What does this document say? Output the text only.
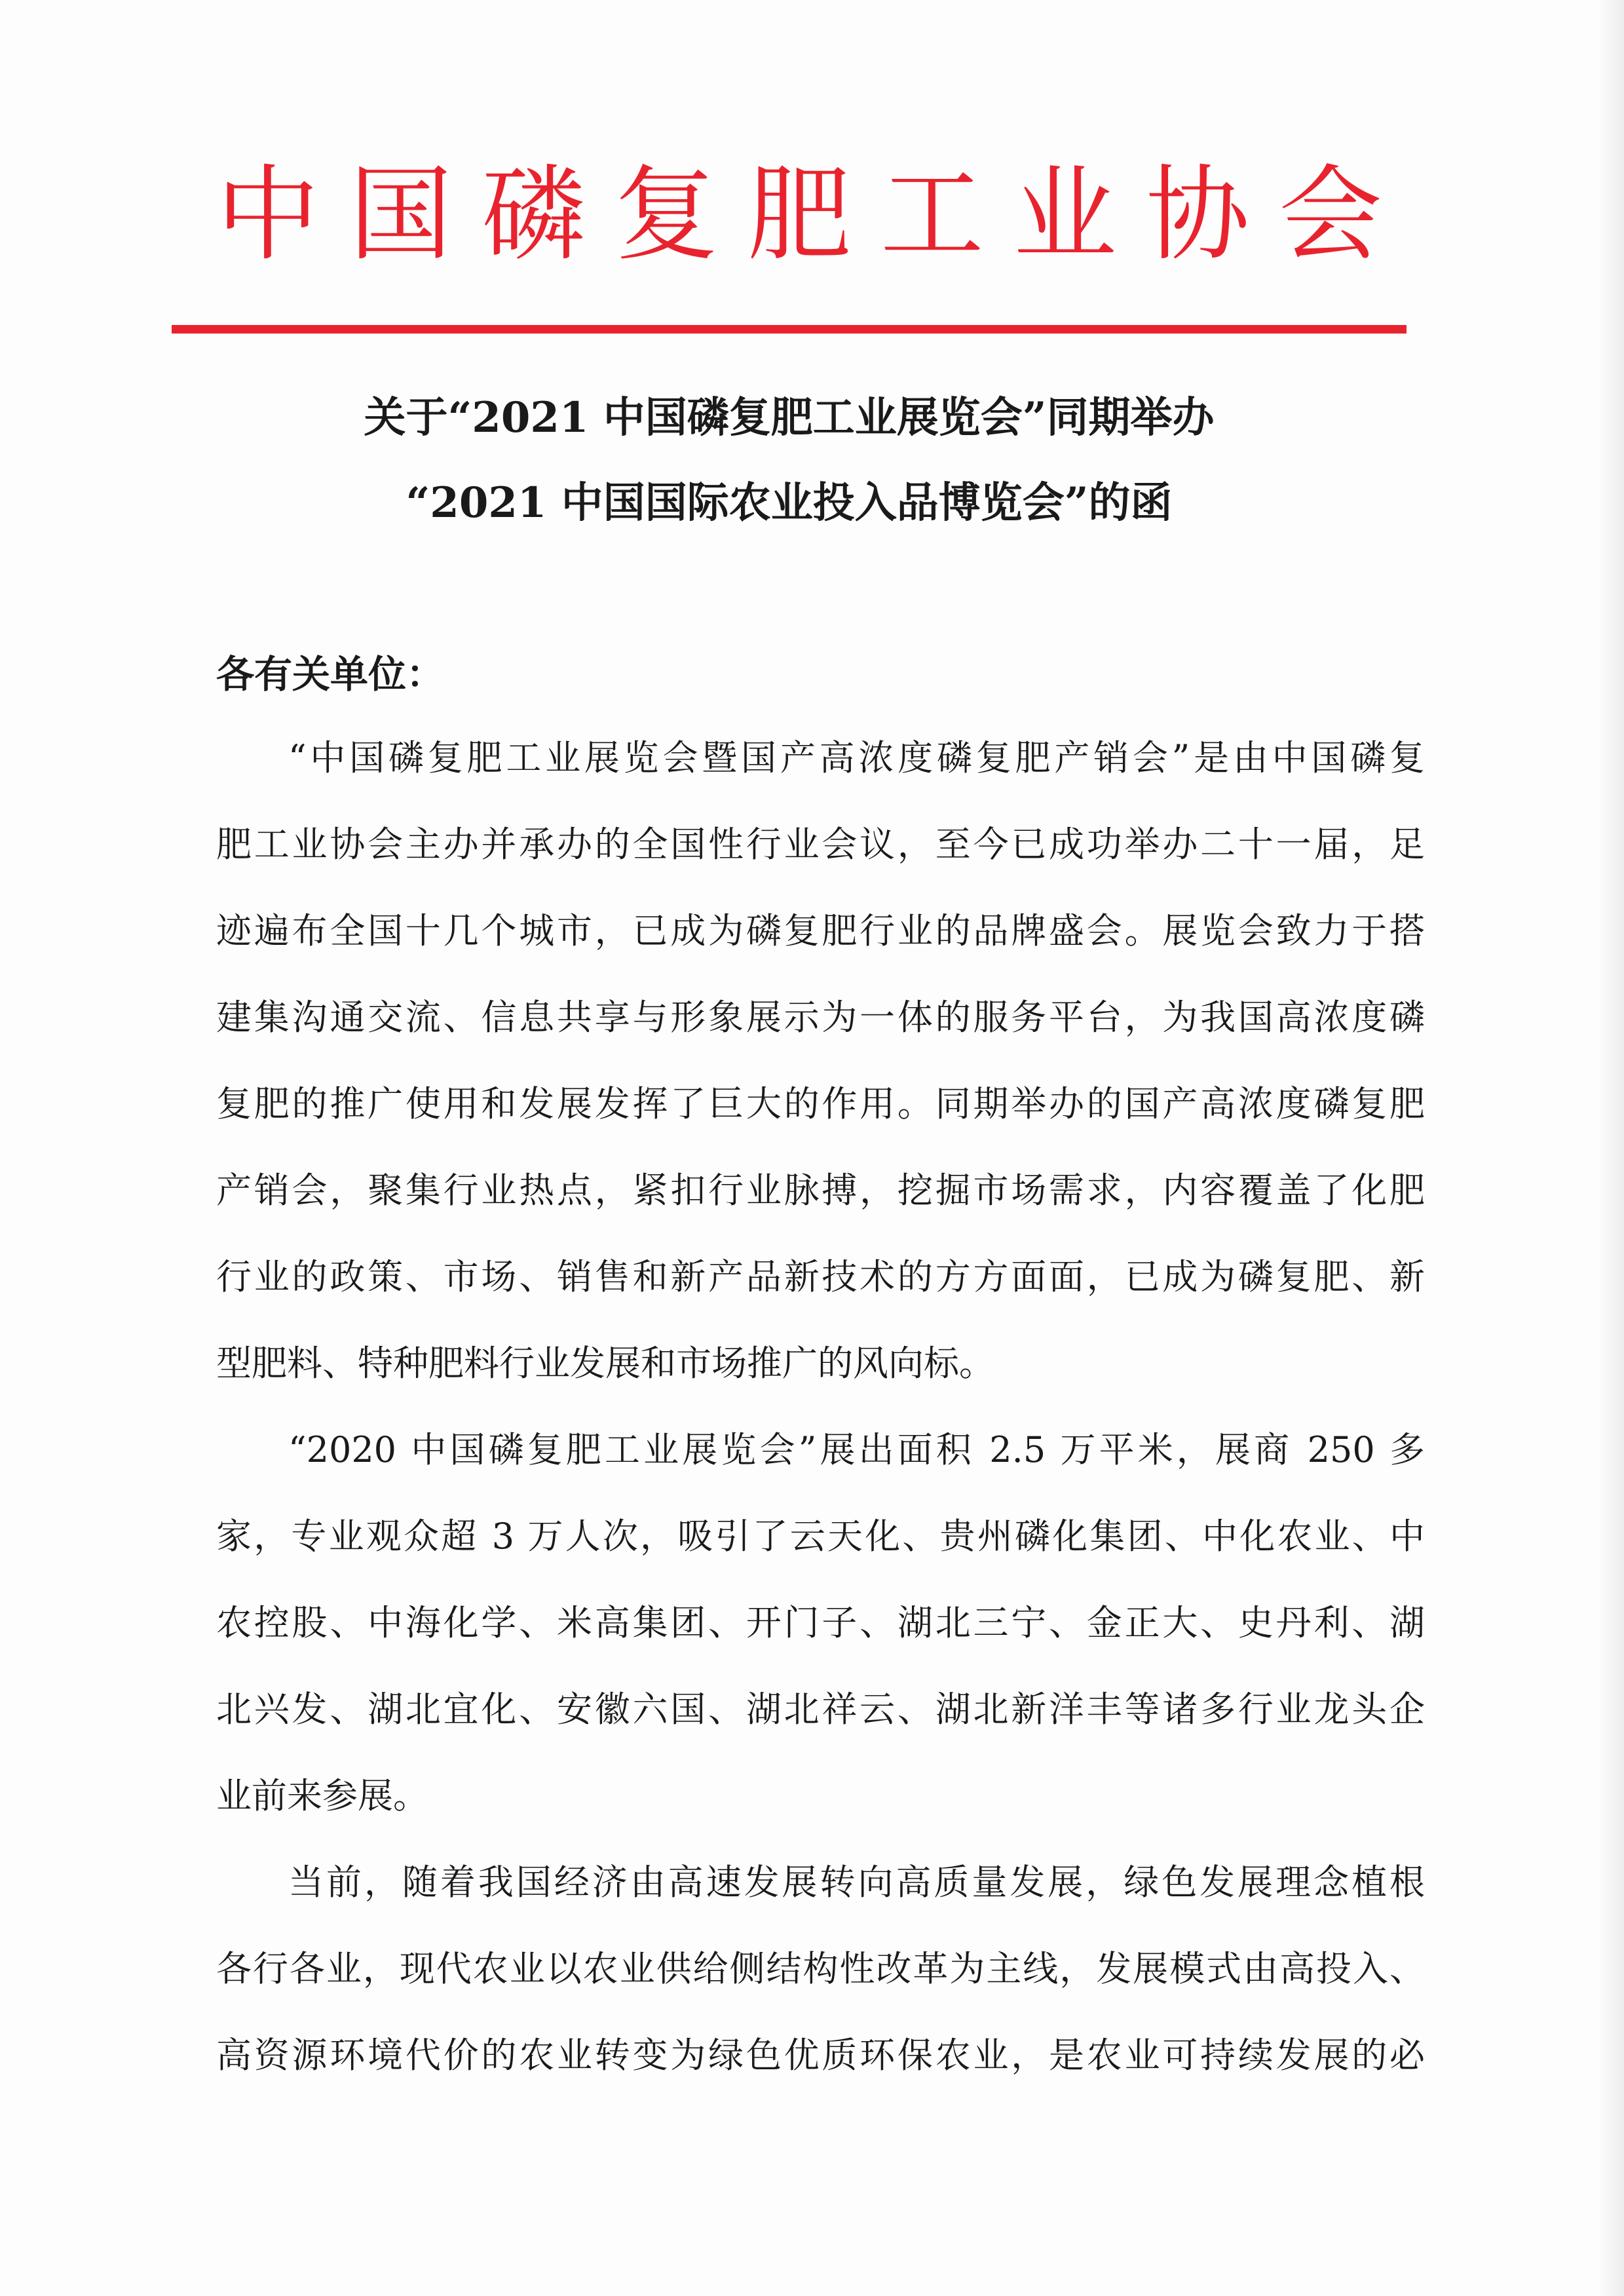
中 国 磷 复 肥 工 业 协 会
关于“2021 中国磷复肥工业展览会”同期举办
“2021 中国国际农业投入品博览会”的函
各有关单位：
“中国磷复肥工业展览会暨国产高浓度磷复肥产销会”是由中国磷复
肥工业协会主办并承办的全国性行业会议，至今已成功举办二十一届，足
迹遍布全国十几个城市，已成为磷复肥行业的品牌盛会。展览会致力于搭
建集沟通交流、信息共享与形象展示为一体的服务平台，为我国高浓度磷
复肥的推广使用和发展发挥了巨大的作用。同期举办的国产高浓度磷复肥
产销会，聚集行业热点，紧扣行业脉搏，挖掘市场需求，内容覆盖了化肥
行业的政策、市场、销售和新产品新技术的方方面面，已成为磷复肥、新
型肥料、特种肥料行业发展和市场推广的风向标。
“2020 中国磷复肥工业展览会”展出面积 2.5 万平米，展商 250 多
家，专业观众超 3 万人次，吸引了云天化、贵州磷化集团、中化农业、中
农控股、中海化学、米高集团、开门子、湖北三宁、金正大、史丹利、湖
北兴发、湖北宜化、安徽六国、湖北祥云、湖北新洋丰等诸多行业龙头企
业前来参展。
当前，随着我国经济由高速发展转向高质量发展，绿色发展理念植根
各行各业，现代农业以农业供给侧结构性改革为主线，发展模式由高投入、
高资源环境代价的农业转变为绿色优质环保农业，是农业可持续发展的必
